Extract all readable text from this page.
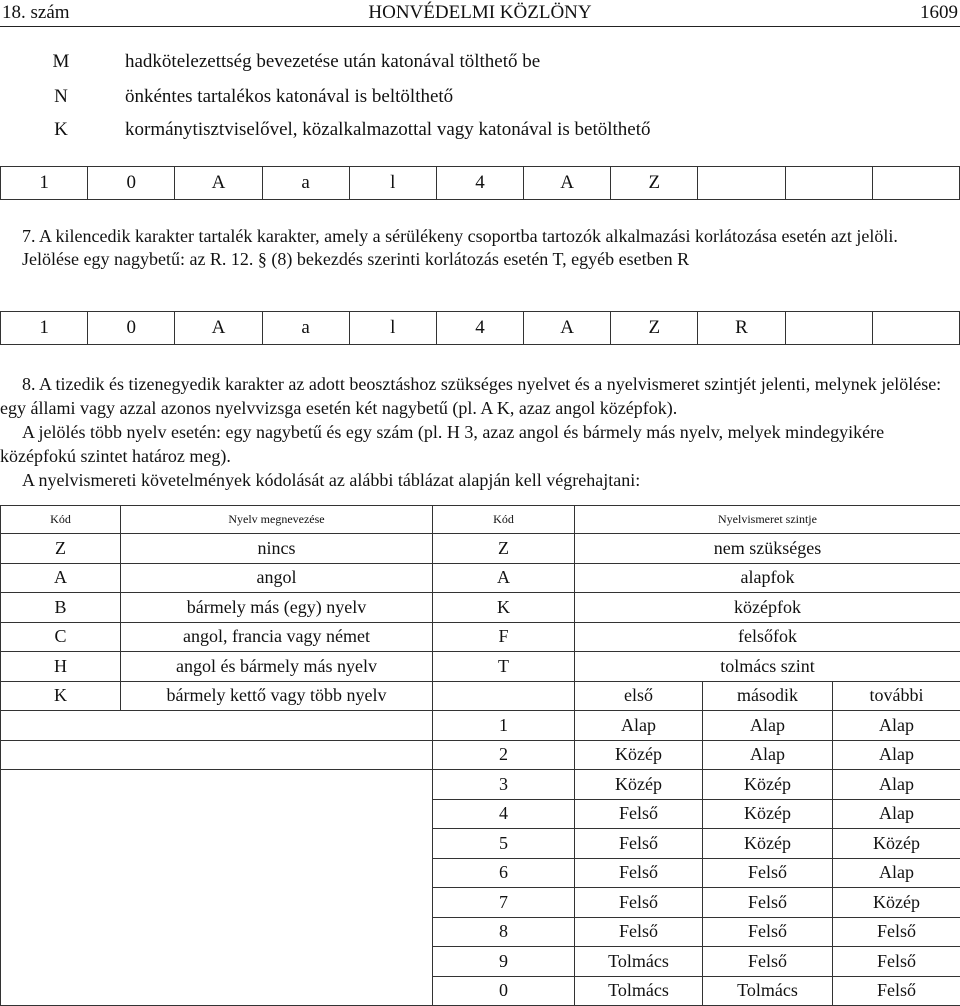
HONVÉDELMI KÖZLÖNY
18. szám	1609
M	hadkötelezettség bevezetése után katonával tölthető be
N	önkéntes tartalékos katonával is beltölthető
K	kormánytisztviselővel, közalkalmazottal vagy katonával is betölthető
1	0	A	a	l	4	A	Z			

7. A kilencedik karakter tartalék karakter, amely a sérülékeny csoportba tartozók alkalmazási korlátozása esetén azt jelöli.

Jelölése egy nagybetű: az R. 12. § (8) bekezdés szerinti korlátozás esetén T, egyéb esetben R

1	0	A	a	l	4	A	Z	R		

8. A tizedik és tizenegyedik karakter az adott beosztáshoz szükséges nyelvet és a nyelvismeret szintjét jelenti, melynek jelölése: egy állami vagy azzal azonos nyelvvizsga esetén két nagybetű (pl. A K, azaz angol középfok).

A jelölés több nyelv esetén: egy nagybetű és egy szám (pl. H 3, azaz angol és bármely más nyelv, melyek mindegyikére középfokú szintet határoz meg).

A nyelvismereti követelmények kódolását az alábbi táblázat alapján kell végrehajtani:

Kód	Nyelv megnevezése	Kód	Nyelvismeret szintje		
Z	nincs	Z	nem szükséges		
A	angol	A	alapfok		
B	bármely más (egy) nyelv	K	középfok		
C	angol, francia vagy német	F	felsőfok		
H	angol és bármely más nyelv	T	tolmács szint		
K	bármely kettő vagy több nyelv		első	második	további
		1	Alap	Alap	Alap
		2	Közép	Alap	Alap
		3	Közép	Közép	Alap
		4	Felső	Közép	Alap
		5	Felső	Közép	Közép
		6	Felső	Felső	Alap
		7	Felső	Felső	Közép
		8	Felső	Felső	Felső
		9	Tolmács	Felső	Felső
		0	Tolmács	Tolmács	Felső
